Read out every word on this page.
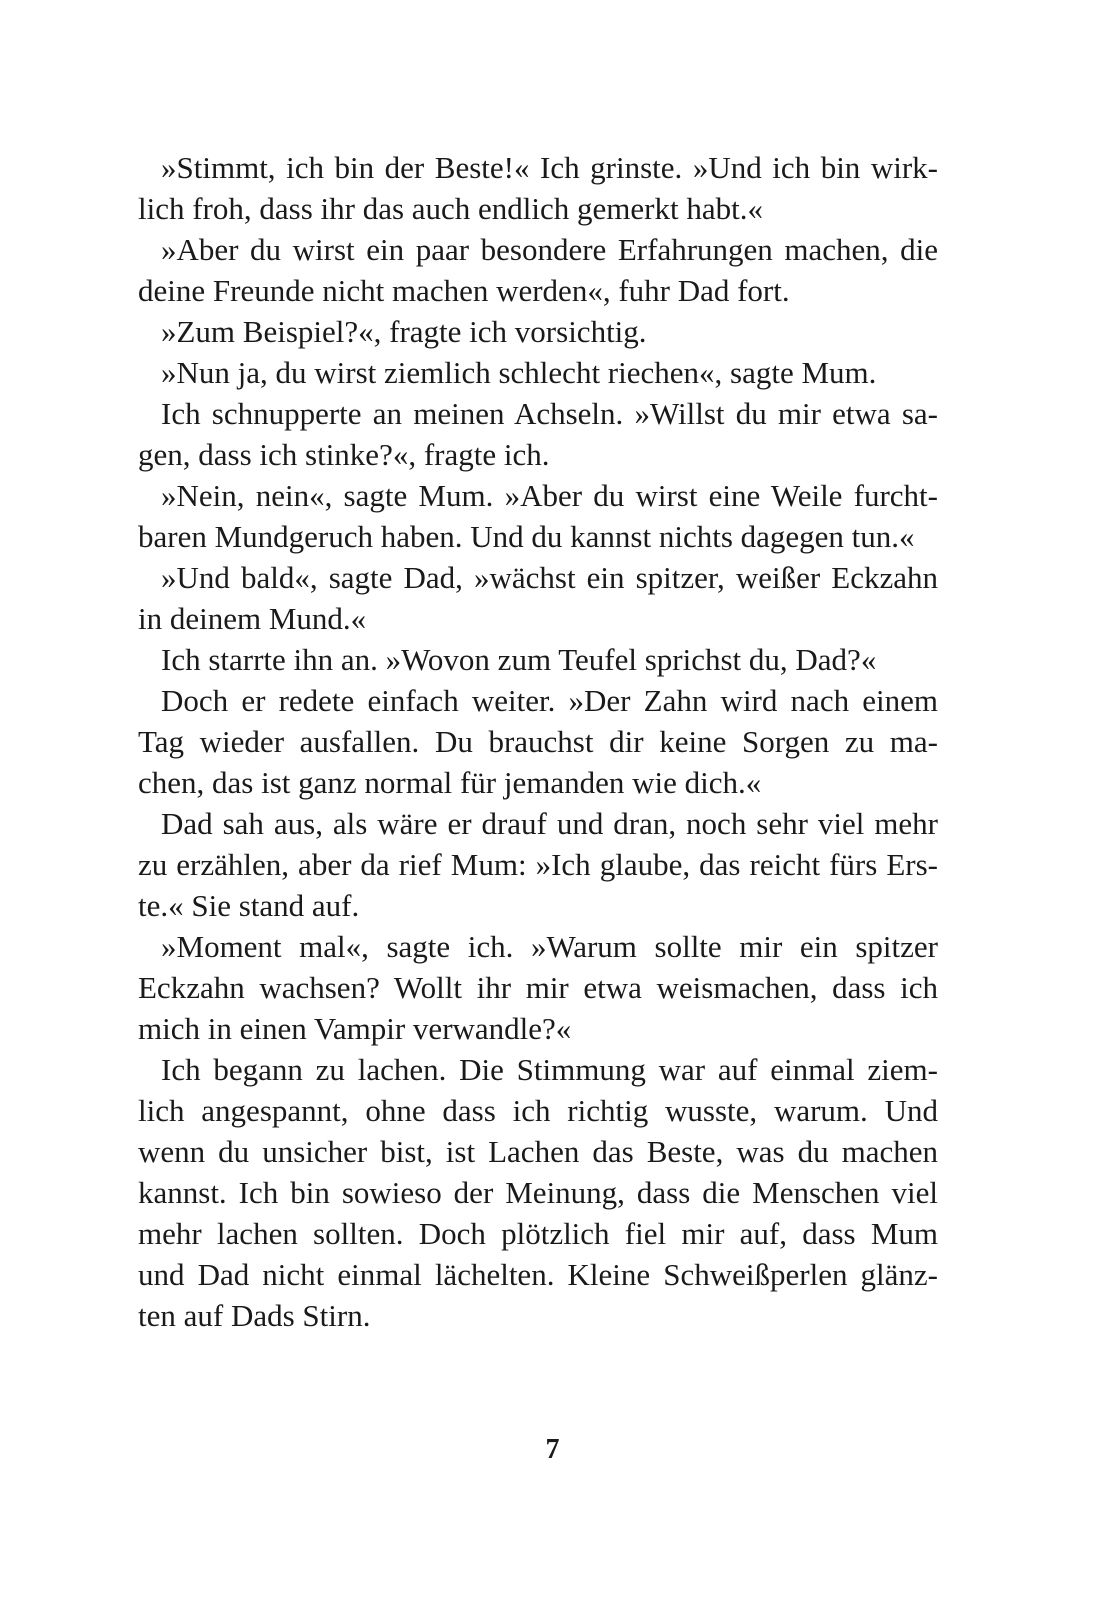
»Stimmt, ich bin der Beste!« Ich grinste. »Und ich bin wirk-
lich froh, dass ihr das auch endlich gemerkt habt.«
»Aber du wirst ein paar besondere Erfahrungen machen, die
deine Freunde nicht machen werden«, fuhr Dad fort.
»Zum Beispiel?«, fragte ich vorsichtig.
»Nun ja, du wirst ziemlich schlecht riechen«, sagte Mum.
Ich schnupperte an meinen Achseln. »Willst du mir etwa sa-
gen, dass ich stinke?«, fragte ich.
»Nein, nein«, sagte Mum. »Aber du wirst eine Weile furcht-
baren Mundgeruch haben. Und du kannst nichts dagegen tun.«
»Und bald«, sagte Dad, »wächst ein spitzer, weißer Eckzahn
in deinem Mund.«
Ich starrte ihn an. »Wovon zum Teufel sprichst du, Dad?«
Doch er redete einfach weiter. »Der Zahn wird nach einem
Tag wieder ausfallen. Du brauchst dir keine Sorgen zu ma-
chen, das ist ganz normal für jemanden wie dich.«
Dad sah aus, als wäre er drauf und dran, noch sehr viel mehr
zu erzählen, aber da rief Mum: »Ich glaube, das reicht fürs Ers-
te.« Sie stand auf.
»Moment mal«, sagte ich. »Warum sollte mir ein spitzer
Eckzahn wachsen? Wollt ihr mir etwa weismachen, dass ich
mich in einen Vampir verwandle?«
Ich begann zu lachen. Die Stimmung war auf einmal ziem-
lich angespannt, ohne dass ich richtig wusste, warum. Und
wenn du unsicher bist, ist Lachen das Beste, was du machen
kannst. Ich bin sowieso der Meinung, dass die Menschen viel
mehr lachen sollten. Doch plötzlich fiel mir auf, dass Mum
und Dad nicht einmal lächelten. Kleine Schweißperlen glänz-
ten auf Dads Stirn.
7
